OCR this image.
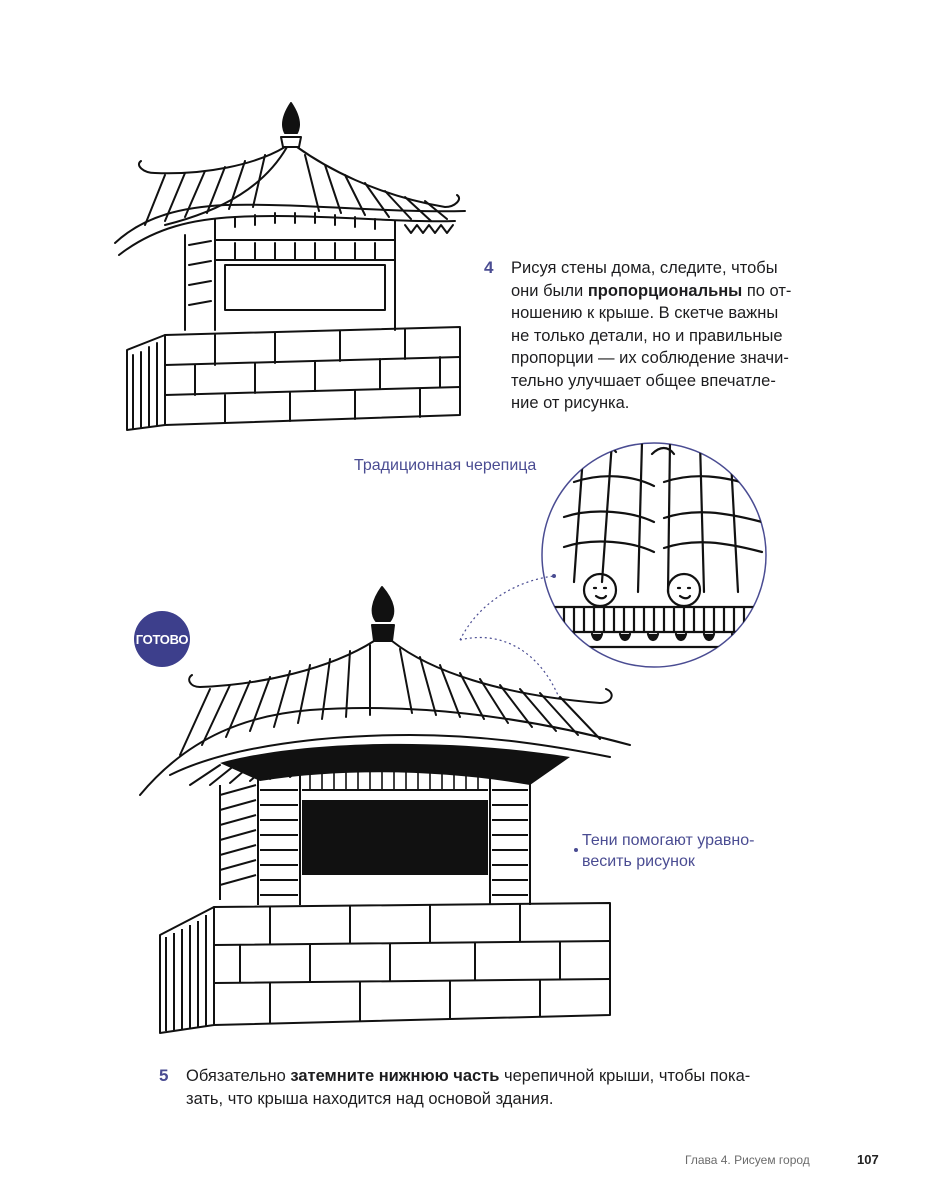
4 Рисуя стены дома, следите, чтобы
они были пропорциональны по от-
ношению к крыше. В скетче важны
не только детали, но и правильные
пропорции — их соблюдение значи-
тельно улучшает общее впечатле-
ние от рисунка.
Традиционная черепица
ГОТОВО
Тени помогают уравно-
весить рисунок
5 Обязательно затемните нижнюю часть черепичной крыши, чтобы пока-
зать, что крыша находится над основой здания.
Глава 4. Рисуем город	107
